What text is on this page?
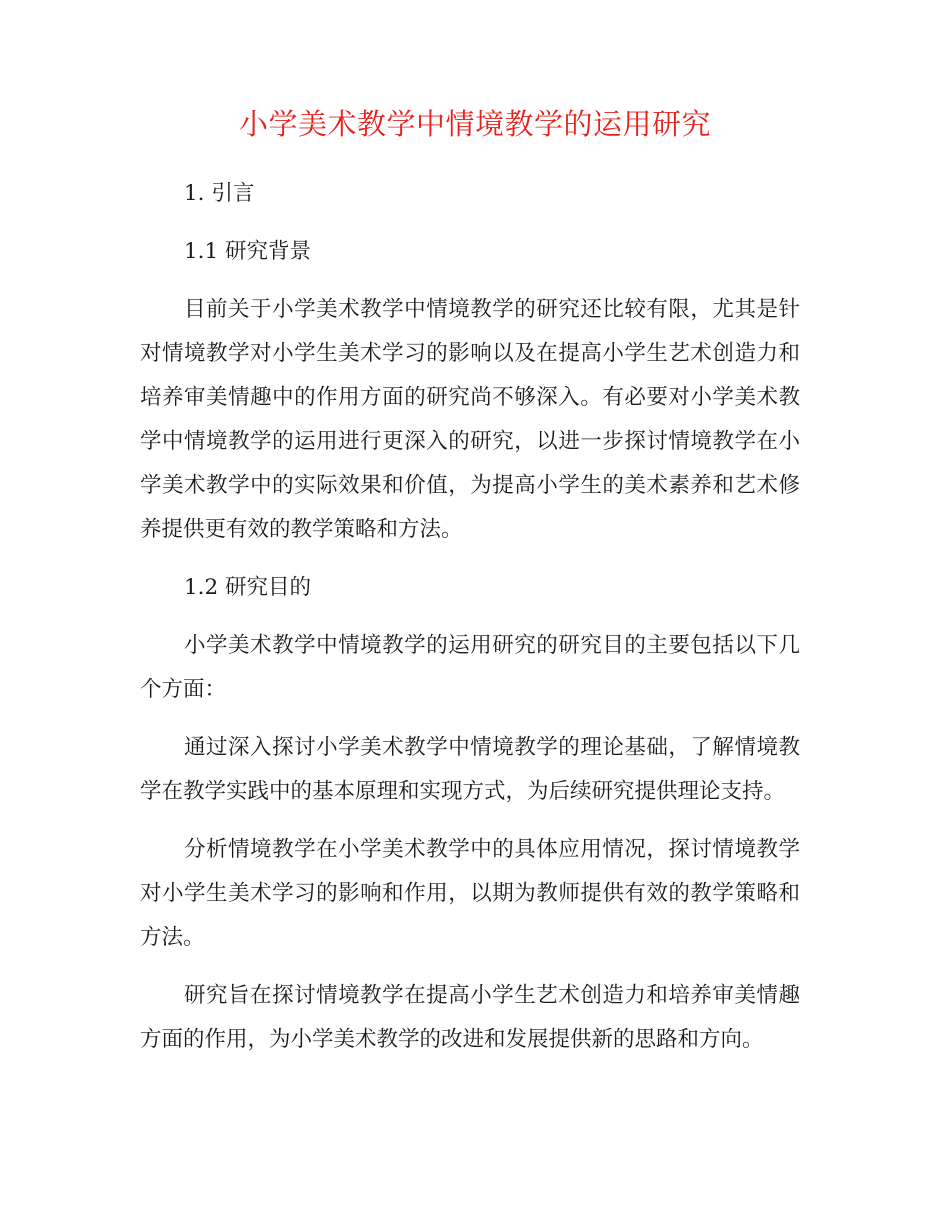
小学美术教学中情境教学的运用研究

1. 引言

1.1 研究背景

目前关于小学美术教学中情境教学的研究还比较有限，尤其是针对情境教学对小学生美术学习的影响以及在提高小学生艺术创造力和培养审美情趣中的作用方面的研究尚不够深入。有必要对小学美术教学中情境教学的运用进行更深入的研究，以进一步探讨情境教学在小学美术教学中的实际效果和价值，为提高小学生的美术素养和艺术修养提供更有效的教学策略和方法。

1.2 研究目的

小学美术教学中情境教学的运用研究的研究目的主要包括以下几个方面：

通过深入探讨小学美术教学中情境教学的理论基础，了解情境教学在教学实践中的基本原理和实现方式，为后续研究提供理论支持。

分析情境教学在小学美术教学中的具体应用情况，探讨情境教学对小学生美术学习的影响和作用，以期为教师提供有效的教学策略和方法。

研究旨在探讨情境教学在提高小学生艺术创造力和培养审美情趣方面的作用，为小学美术教学的改进和发展提供新的思路和方向。
